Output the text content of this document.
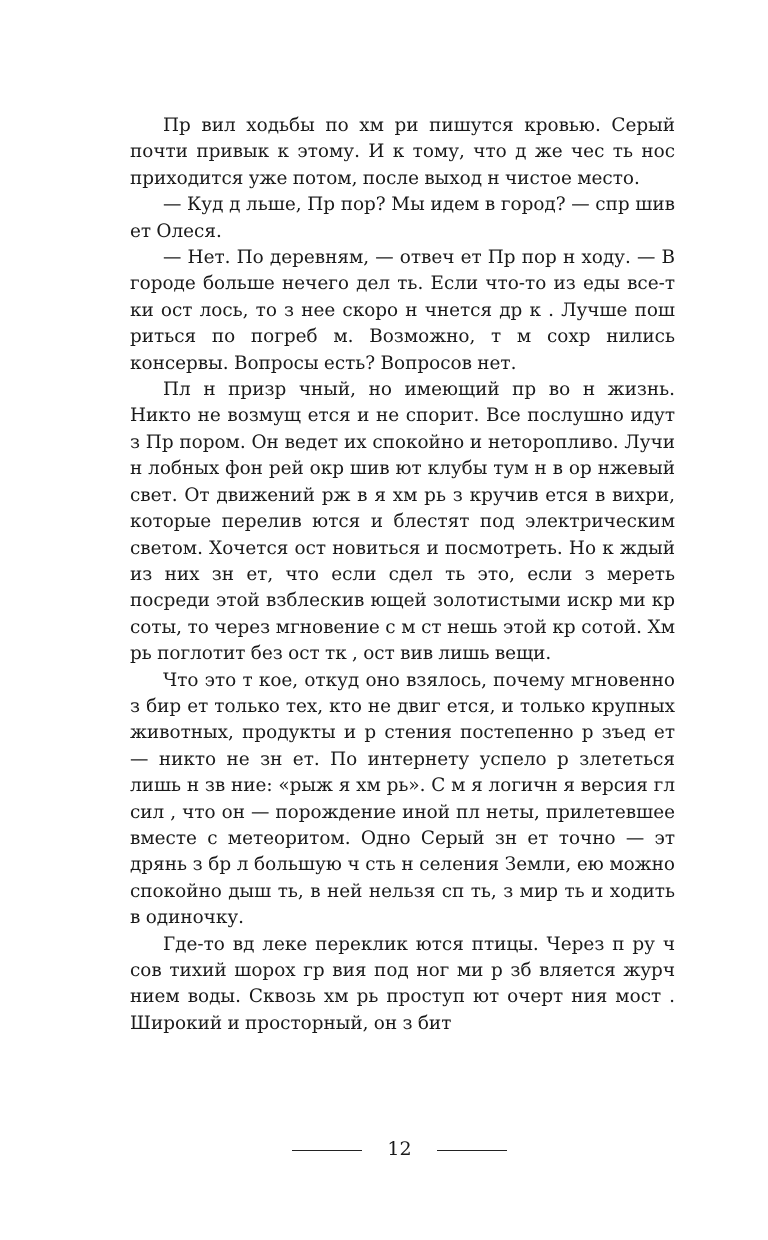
Пр вил ходьбы по хм ри пишутся кровью. Серый почти привык к этому. И к тому, что д же чес ть нос приходится уже потом, после выход н чистое место.

— Куд д льше, Пр пор? Мы идем в город? — спр шив ет Олеся.

— Нет. По деревням, — отвеч ет Пр пор н ходу. — В городе больше нечего дел ть. Если что-то из еды все-т ки ост лось, то з нее скоро н чнется др к . Лучше пош риться по погреб м. Возможно, т м сохр нились консервы. Вопросы есть? Вопросов нет.

Пл н призр чный, но имеющий пр во н жизнь. Никто не возмущ ется и не спорит. Все послушно идут з Пр пором. Он ведет их спокойно и неторопливо. Лучи н лобных фон рей окр шив ют клубы тум н в ор нжевый свет. От движений рж в я хм рь з кручив ется в вихри, которые перелив ются и блестят под электрическим светом. Хочется ост новиться и посмотреть. Но к ждый из них зн ет, что если сдел ть это, если з мереть посреди этой взблескив ющей золотистыми искр ми кр соты, то через мгновение с м ст нешь этой кр сотой. Хм рь поглотит без ост тк , ост вив лишь вещи.

Что это т кое, откуд оно взялось, почему мгновенно з бир ет только тех, кто не двиг ется, и только крупных животных, продукты и р стения постепенно р зъед ет — никто не зн ет. По интернету успело р злететься лишь н зв ние: «рыж я хм рь». С м я логичн я версия гл сил , что он — порождение иной пл неты, прилетевшее вместе с метеоритом. Одно Серый зн ет точно — эт дрянь з бр л большую ч сть н селения Земли, ею можно спокойно дыш ть, в ней нельзя сп ть, з мир ть и ходить в одиночку.

Где-то вд леке переклик ются птицы. Через п ру ч сов тихий шорох гр вия под ног ми р зб вляется журч нием воды. Сквозь хм рь проступ ют очерт ния мост . Широкий и просторный, он з бит

12
